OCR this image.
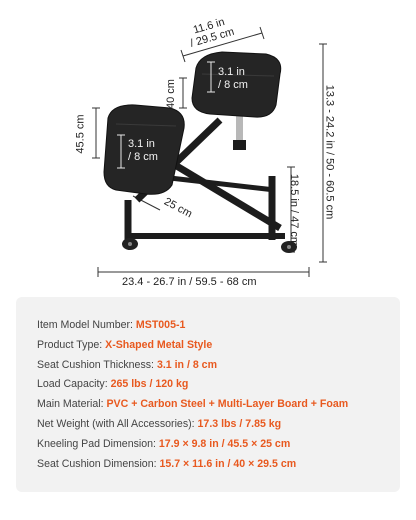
11.6 in
/ 29.5 cm
40 cm
3.1 in
/ 8 cm
45.5 cm	3.1 in
/ 8 cm
25 cm	13.3 - 24.2 in / 50 - 60.5 cm
18.5 in / 47 cm
23.4 - 26.7 in / 59.5 - 68 cm
Item Model Number: MST005-1
Product Type: X-Shaped Metal Style
Seat Cushion Thickness: 3.1 in / 8 cm
Load Capacity: 265 lbs / 120 kg
Main Material: PVC + Carbon Steel + Multi-Layer Board + Foam
Net Weight (with All Accessories): 17.3 lbs / 7.85 kg
Kneeling Pad Dimension: 17.9 × 9.8 in / 45.5 × 25 cm
Seat Cushion Dimension: 15.7 × 11.6 in / 40 × 29.5 cm
